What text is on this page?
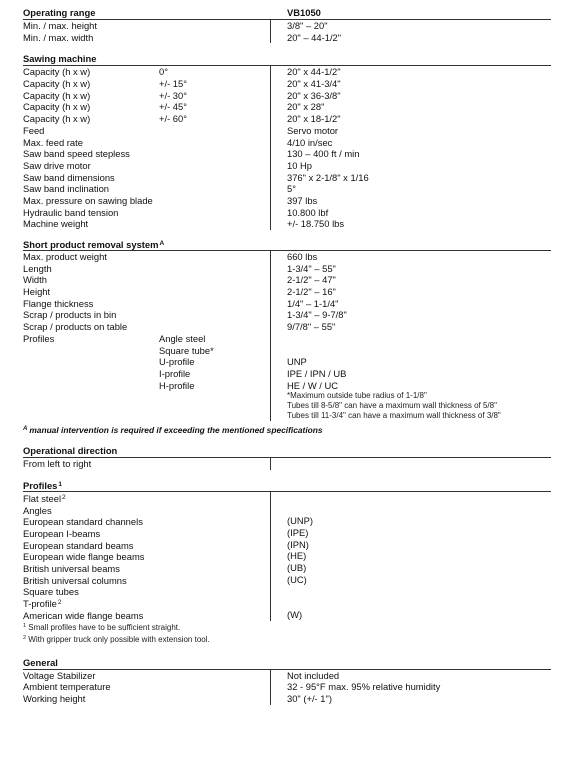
Operating range	VB1050
Min. / max. height	3/8" – 20"
Min. / max. width	20" – 44-1/2"
Sawing machine
Capacity (h x w)	0°	20" x 44-1/2"
Capacity (h x w)	+/- 15°	20" x 41-3/4"
Capacity (h x w)	+/- 30°	20" x 36-3/8"
Capacity (h x w)	+/- 45°	20" x 28"
Capacity (h x w)	+/- 60°	20" x 18-1/2"
Feed	Servo motor
Max. feed rate	4/10 in/sec
Saw band speed stepless	130 – 400 ft / min
Saw drive motor	10 Hp
Saw band dimensions	376" x 2-1/8" x 1/16
Saw band inclination	5°
Max. pressure on sawing blade	397 lbs
Hydraulic band tension	10.800 lbf
Machine weight	+/- 18.750 lbs
Short product removal system$^A$
Max. product weight	660 lbs
Length	1-3/4" – 55"
Width	2-1/2" – 47"
Height	2-1/2" – 16"
Flange thickness	1/4" – 1-1/4"
Scrap / products in bin	1-3/4" – 9-7/8"
Scrap / products on table	9/7/8" – 55"
Profiles	Angle steel
Square tube*
U-profile	UNP
I-profile	IPE / IPN / UB
H-profile	HE / W / UC
*Maximum outside tube radius of 1-1/8"
Tubes till 8-5/8" can have a maximum wall thickness of 5/8"
Tubes till 11-3/4" can have a maximum wall thickness of 3/8"
$^A$ manual intervention is required if exceeding the mentioned specifications
Operational direction
From left to right
Profiles$^1$
Flat steel$^2$
Angles
European standard channels	(UNP)
European I-beams	(IPE)
European standard beams	(IPN)
European wide flange beams	(HE)
British universal beams	(UB)
British universal columns	(UC)
Square tubes
T-profile$^2$
American wide flange beams	(W)
$^1$ Small profiles have to be sufficient straight.
$^2$ With gripper truck only possible with extension tool.
General
Voltage Stabilizer	Not included
Ambient temperature	32 - 95°F max. 95% relative humidity
Working height	30" (+/- 1")
